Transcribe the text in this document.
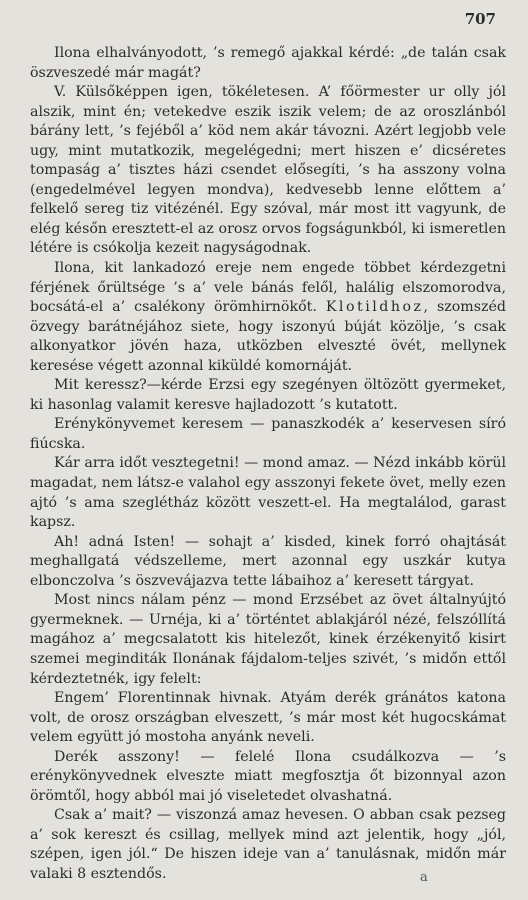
707

Ilona elhalványodott, ’s remegő ajakkal kérdé: „de talán csak öszveszedé már magát?

V. Külsőképpen igen, tökéletesen. A’ főörmester ur olly jól alszik, mint én; vetekedve eszik iszik velem; de az oroszlánból bárány lett, ’s fejéből a’ köd nem akár távozni. Azért legjobb vele ugy, mint mutatkozik, megelégedni; mert hiszen e’ dicséretes tompaság a’ tisztes házi csendet elősegíti, ’s ha asszony volna (engedelmével legyen mondva), kedvesebb lenne előttem a’ felkelő sereg tiz vitézénél. Egy szóval, már most itt vagyunk, de elég későn eresztett-el az orosz orvos fogságunkból, ki ismeretlen létére is csókolja kezeit nagyságodnak.

Ilona, kit lankadozó ereje nem engede többet kérdezgetni férjének őrültsége ’s a’ vele bánás felől, halálig elszomorodva, bocsátá-el a’ csalékony örömhirnökőt. Klotildhoz, szomszéd özvegy barátnéjához siete, hogy iszonyú búját közölje, ’s csak alkonyatkor jövén haza, utközben elveszté övét, mellynek keresése végett azonnal kiküldé komornáját.

Mit keressz?—kérde Erzsi egy szegényen öltözött gyermeket, ki hasonlag valamit keresve hajladozott ’s kutatott.

Erénykönyvemet keresem — panaszkodék a’ keservesen síró fiúcska.

Kár arra időt vesztegetni! — mond amaz. — Nézd inkább körül magadat, nem látsz-e valahol egy asszonyi fekete övet, melly ezen ajtó ’s ama szeglétház között veszett-el. Ha megtalálod, garast kapsz.

Ah! adná Isten! — sohajt a’ kisded, kinek forró ohajtását meghallgatá védszelleme, mert azonnal egy uszkár kutya elbonczolva ’s öszvevájazva tette lábaihoz a’ keresett tárgyat.

Most nincs nálam pénz — mond Erzsébet az övet általnyújtó gyermeknek. — Urnéja, ki a’ történtet ablakjáról nézé, felszóllítá magához a’ megcsalatott kis hitelezőt, kinek érzékenyitő kisirt szemei meginditák Ilonának fájdalom-teljes szivét, ’s midőn ettől kérdeztetnék, igy felelt:

Engem’ Florentinnak hivnak. Atyám derék gránátos katona volt, de orosz országban elveszett, ’s már most két hugocskámat velem együtt jó mostoha anyánk neveli.

Derék asszony! — felelé Ilona csudálkozva — ’s erénykönyvednek elveszte miatt megfosztja őt bizonnyal azon örömtől, hogy abból mai jó viseletedet olvashatná.

Csak a’ mait? — viszonzá amaz hevesen. O abban csak pezseg a’ sok kereszt és csillag, mellyek mind azt jelentik, hogy „jól, szépen, igen jól.“ De hiszen ideje van a’ tanulásnak, midőn már valaki 8 esztendős.	a
